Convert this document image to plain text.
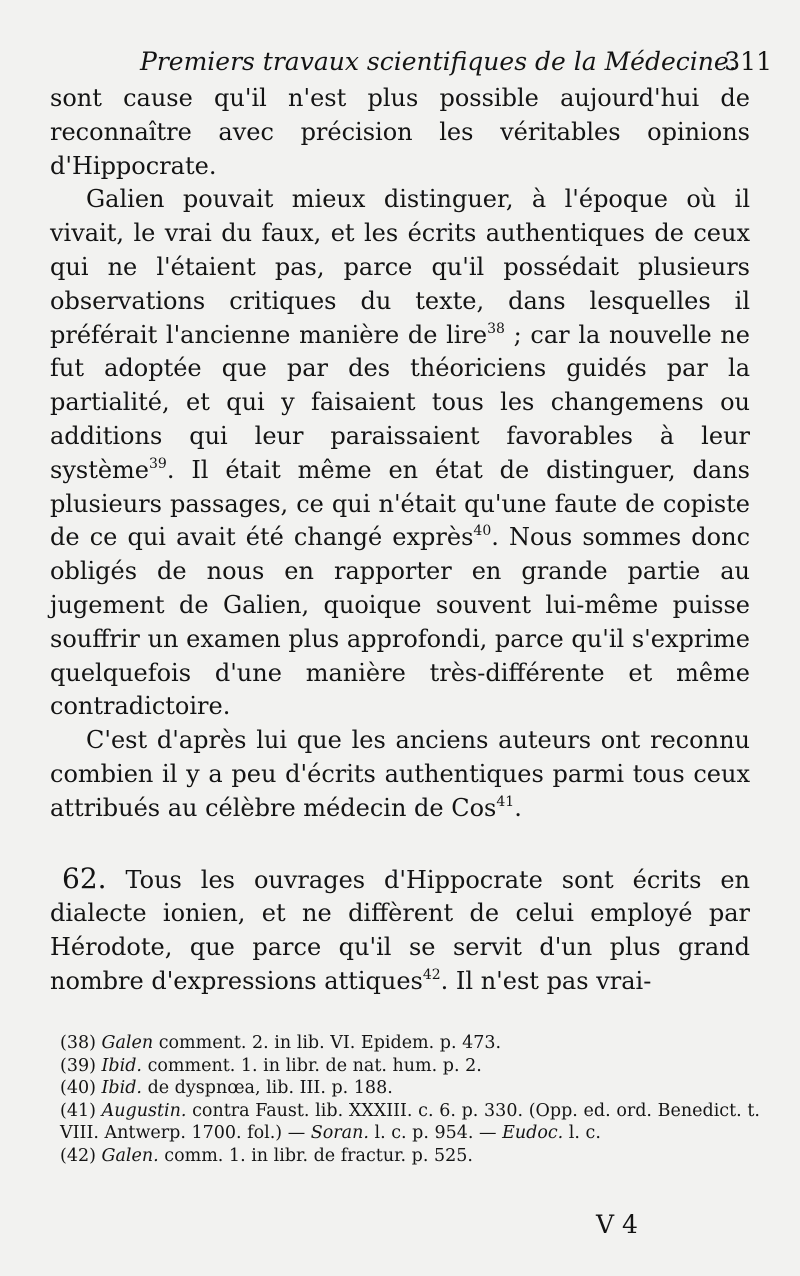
Premiers travaux scientifiques de la Médecine.
311

sont cause qu'il n'est plus possible aujourd'hui de reconnaître avec précision les véritables opinions d'Hippocrate.

Galien pouvait mieux distinguer, à l'époque où il vivait, le vrai du faux, et les écrits authentiques de ceux qui ne l'étaient pas, parce qu'il possédait plusieurs observations critiques du texte, dans lesquelles il préférait l'ancienne manière de lire$^{38}$ ; car la nouvelle ne fut adoptée que par des théoriciens guidés par la partialité, et qui y faisaient tous les changemens ou additions qui leur paraissaient favorables à leur système$^{39}$. Il était même en état de distinguer, dans plusieurs passages, ce qui n'était qu'une faute de copiste de ce qui avait été changé exprès$^{40}$. Nous sommes donc obligés de nous en rapporter en grande partie au jugement de Galien, quoique souvent lui-même puisse souffrir un examen plus approfondi, parce qu'il s'exprime quelquefois d'une manière très-différente et même contradictoire.

C'est d'après lui que les anciens auteurs ont reconnu combien il y a peu d'écrits authentiques parmi tous ceux attribués au célèbre médecin de Cos$^{41}$.

62. Tous les ouvrages d'Hippocrate sont écrits en dialecte ionien, et ne diffèrent de celui employé par Hérodote, que parce qu'il se servit d'un plus grand nombre d'expressions attiques$^{42}$. Il n'est pas vrai-

(38) Galen comment. 2. in lib. VI. Epidem. p. 473.

(39) Ibid. comment. 1. in libr. de nat. hum. p. 2.

(40) Ibid. de dyspnœa, lib. III. p. 188.

(41) Augustin. contra Faust. lib. XXXIII. c. 6. p. 330. (Opp. ed. ord. Benedict. t. VIII. Antwerp. 1700. fol.) — Soran. l. c. p. 954. — Eudoc. l. c.

(42) Galen. comm. 1. in libr. de fractur. p. 525.

V 4
